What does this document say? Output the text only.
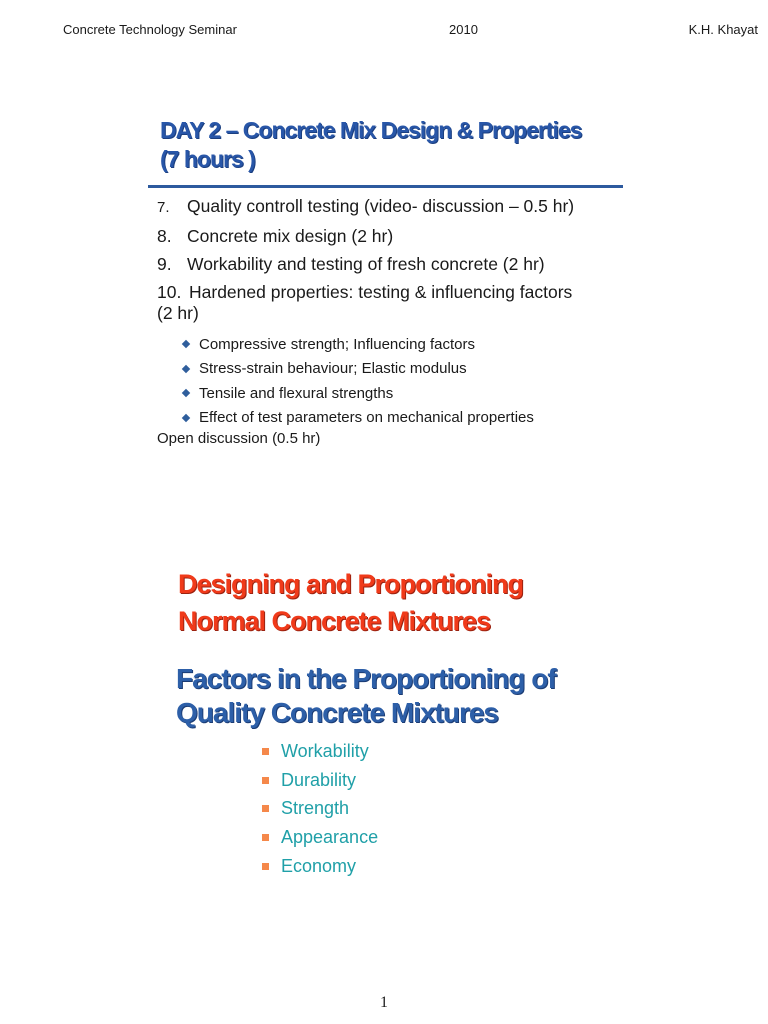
Concrete Technology Seminar	2010	K.H. Khayat
DAY 2 – Concrete Mix Design & Properties
(7 hours )
7. Quality controll testing (video- discussion – 0.5 hr)
8. Concrete mix design (2 hr)
9. Workability and testing of fresh concrete (2 hr)
10. Hardened properties: testing & influencing factors
(2 hr)
Compressive strength; Influencing factors
Stress-strain behaviour; Elastic modulus
Tensile and flexural strengths
Effect of test parameters on mechanical properties
Open discussion (0.5 hr)
Designing and Proportioning
Normal Concrete Mixtures
Factors in the Proportioning of
Quality Concrete Mixtures
Workability
Durability
Strength
Appearance
Economy
1
